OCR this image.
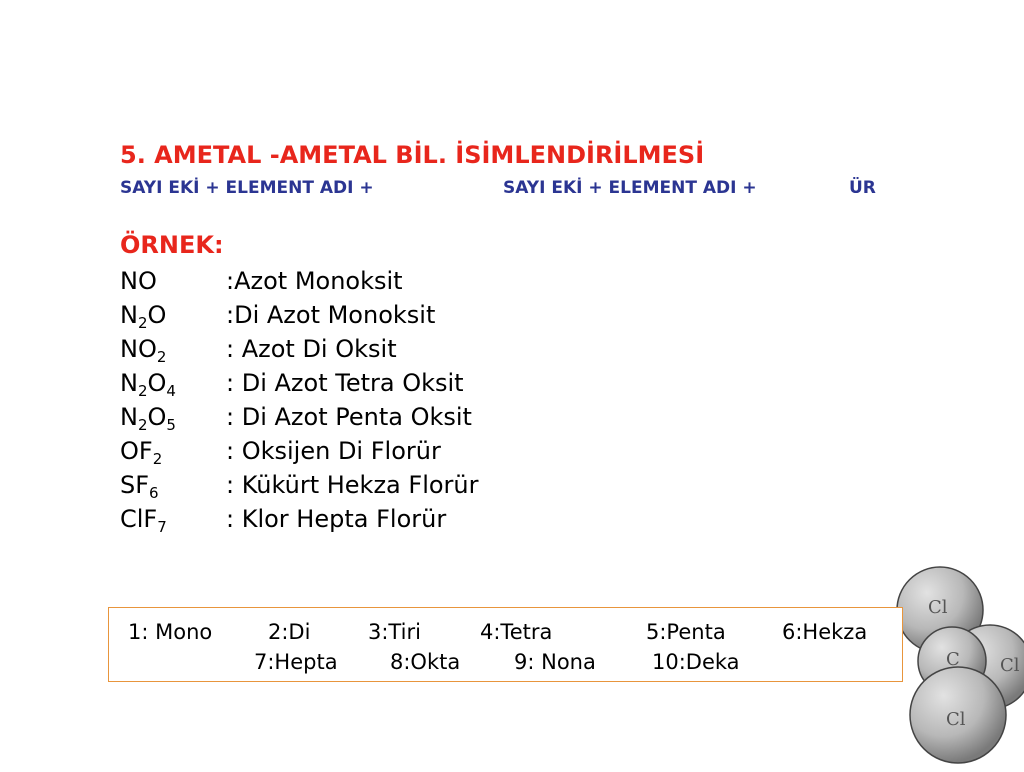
5. AMETAL -AMETAL BİL. İSİMLENDİRİLMESİ
SAYI EKİ + ELEMENT ADI +	SAYI EKİ + ELEMENT ADI +	ÜR
ÖRNEK:
NO	:Azot Monoksit
$N_2O$ :Di Azot Monoksit
$NO_2$ : Azot Di Oksit
$N_2O_4$ : Di Azot Tetra Oksit
$N_2O_5$ : Di Azot Penta Oksit
$OF_2$	: Oksijen Di Florür
$SF_6$	: Kükürt Hekza Florür
ClF$_7$ : Klor Hepta Florür
Cl
C Cl
Cl
1: Mono	2:Di	3:Tiri	4:Tetra	5:Penta	6:Hekza
7:Hepta 8:Okta	9: Nona	10:Deka
